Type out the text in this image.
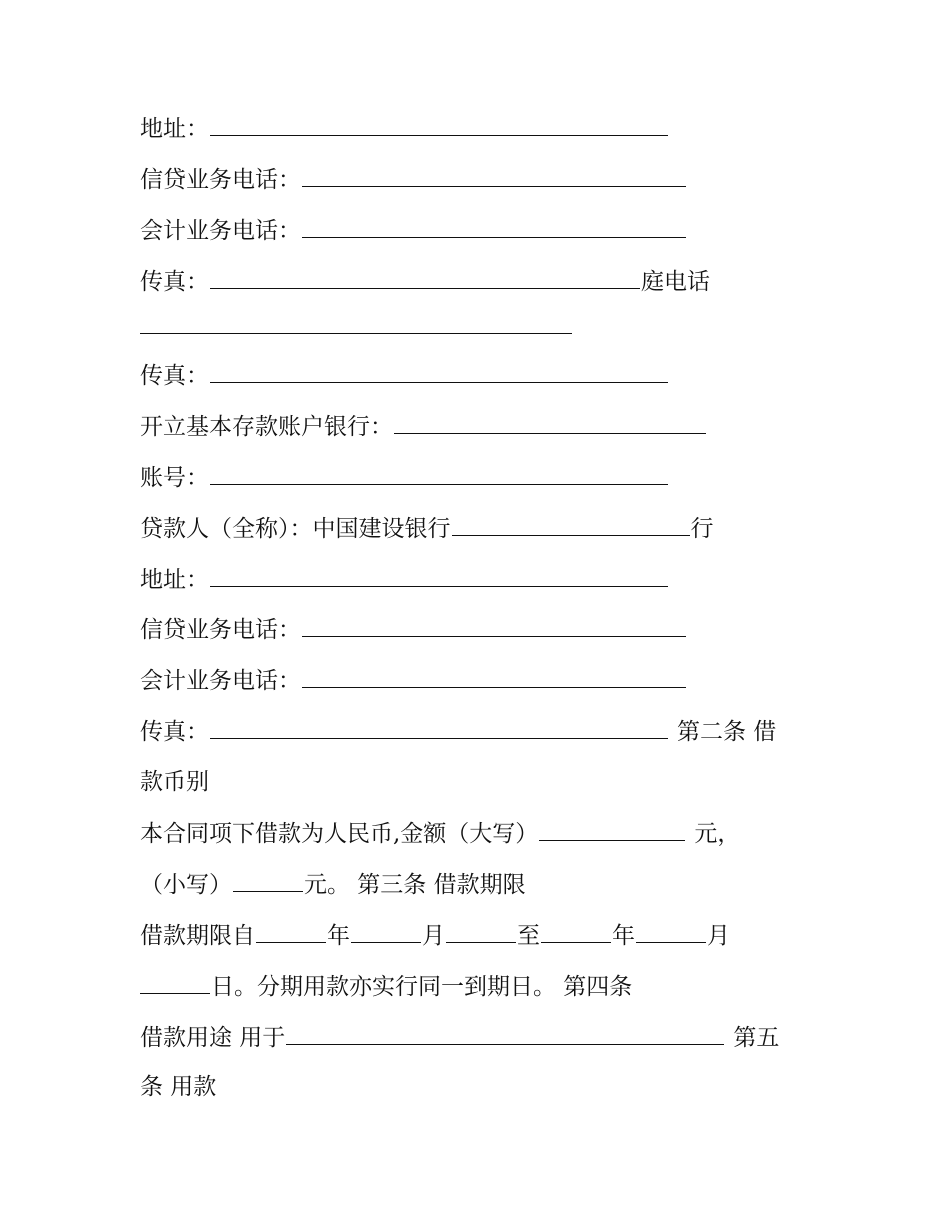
地址：
信贷业务电话：
会计业务电话：
传真：	庭电话
传真：
开立基本存款账户银行：
账号：
贷款人（全称）：中国建设银行	行
地址：
信贷业务电话：
会计业务电话：
传真：	第二条 借
款币别
本合同项下借款为人民币,金额（大写）	元，
（小写）	元。 第三条 借款期限
借款期限自	年	月	至	年	月
日。分期用款亦实行同一到期日。 第四条
借款用途 用于	第五
条 用款
